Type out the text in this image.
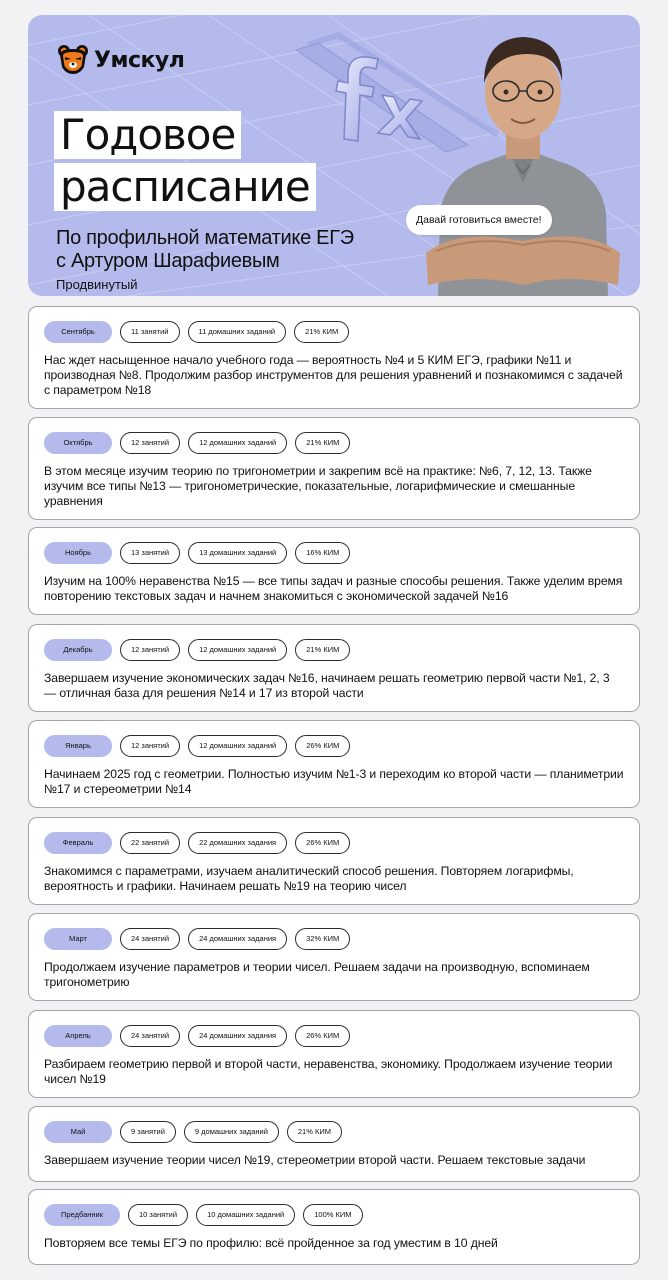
Умскул
Годовое
расписание
По профильной математике ЕГЭ
с Артуром Шарафиевым
Продвинутый
Давай готовиться вместе!
Сентябрь	11 занятий	11 домашних заданий	21% КИМ
Нас ждет насыщенное начало учебного года — вероятность №4 и 5 КИМ ЕГЭ, графики №11 и производная №8. Продолжим разбор инструментов для решения уравнений и познакомимся с задачей с параметром №18
Октябрь	12 занятий	12 домашних заданий	21% КИМ
В этом месяце изучим теорию по тригонометрии и закрепим всё на практике: №6, 7, 12, 13. Также изучим все типы №13 — тригонометрические, показательные, логарифмические и смешанные уравнения
Ноябрь	13 занятий	13 домашних заданий	16% КИМ
Изучим на 100% неравенства №15 — все типы задач и разные способы решения. Также уделим время повторению текстовых задач и начнем знакомиться с экономической задачей №16
Декабрь	12 занятий	12 домашних заданий	21% КИМ
Завершаем изучение экономических задач №16, начинаем решать геометрию первой части №1, 2, 3 — отличная база для решения №14 и 17 из второй части
Январь	12 занятий	12 домашних заданий	26% КИМ
Начинаем 2025 год с геометрии. Полностью изучим №1-3 и переходим ко второй части — планиметрии №17 и стереометрии №14
Февраль	22 занятий	22 домашних задания	26% КИМ
Знакомимся с параметрами, изучаем аналитический способ решения. Повторяем логарифмы, вероятность и графики. Начинаем решать №19 на теорию чисел
Март	24 занятий	24 домашних задания	32% КИМ
Продолжаем изучение параметров и теории чисел. Решаем задачи на производную, вспоминаем тригонометрию
Апрель	24 занятий	24 домашних задания	26% КИМ
Разбираем геометрию первой и второй части, неравенства, экономику. Продолжаем изучение теории чисел №19
Май	9 занятий	9 домашних заданий	21% КИМ
Завершаем изучение теории чисел №19, стереометрии второй части. Решаем текстовые задачи
Предбанник	10 занятий	10 домашних заданий	100% КИМ
Повторяем все темы ЕГЭ по профилю: всё пройденное за год уместим в 10 дней
